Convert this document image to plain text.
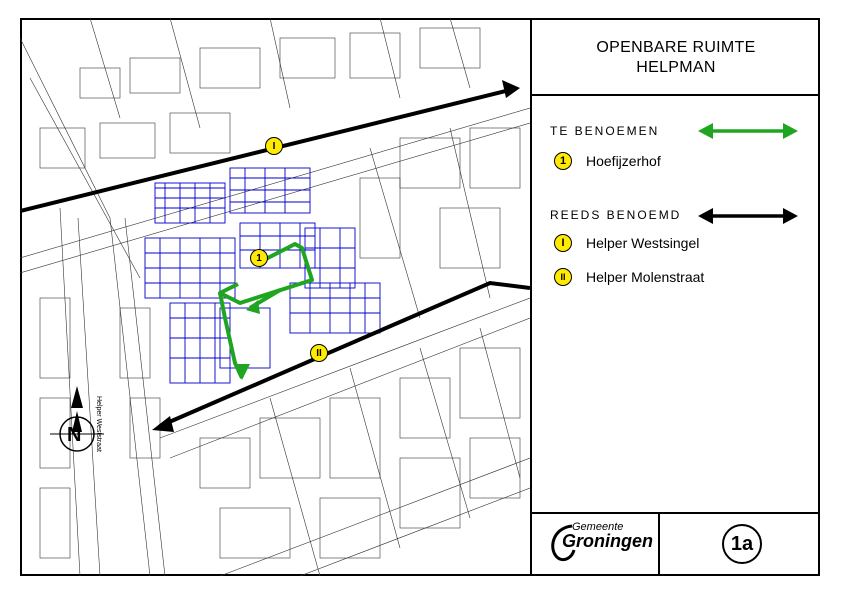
I
II
1
Helper Weststraat
N
OPENBARE RUIMTE
HELPMAN
TE BENOEMEN
1	Hoefijzerhof
REEDS BENOEMD
I	Helper Westsingel
II	Helper Molenstraat
Gemeente
Groningen	1a
